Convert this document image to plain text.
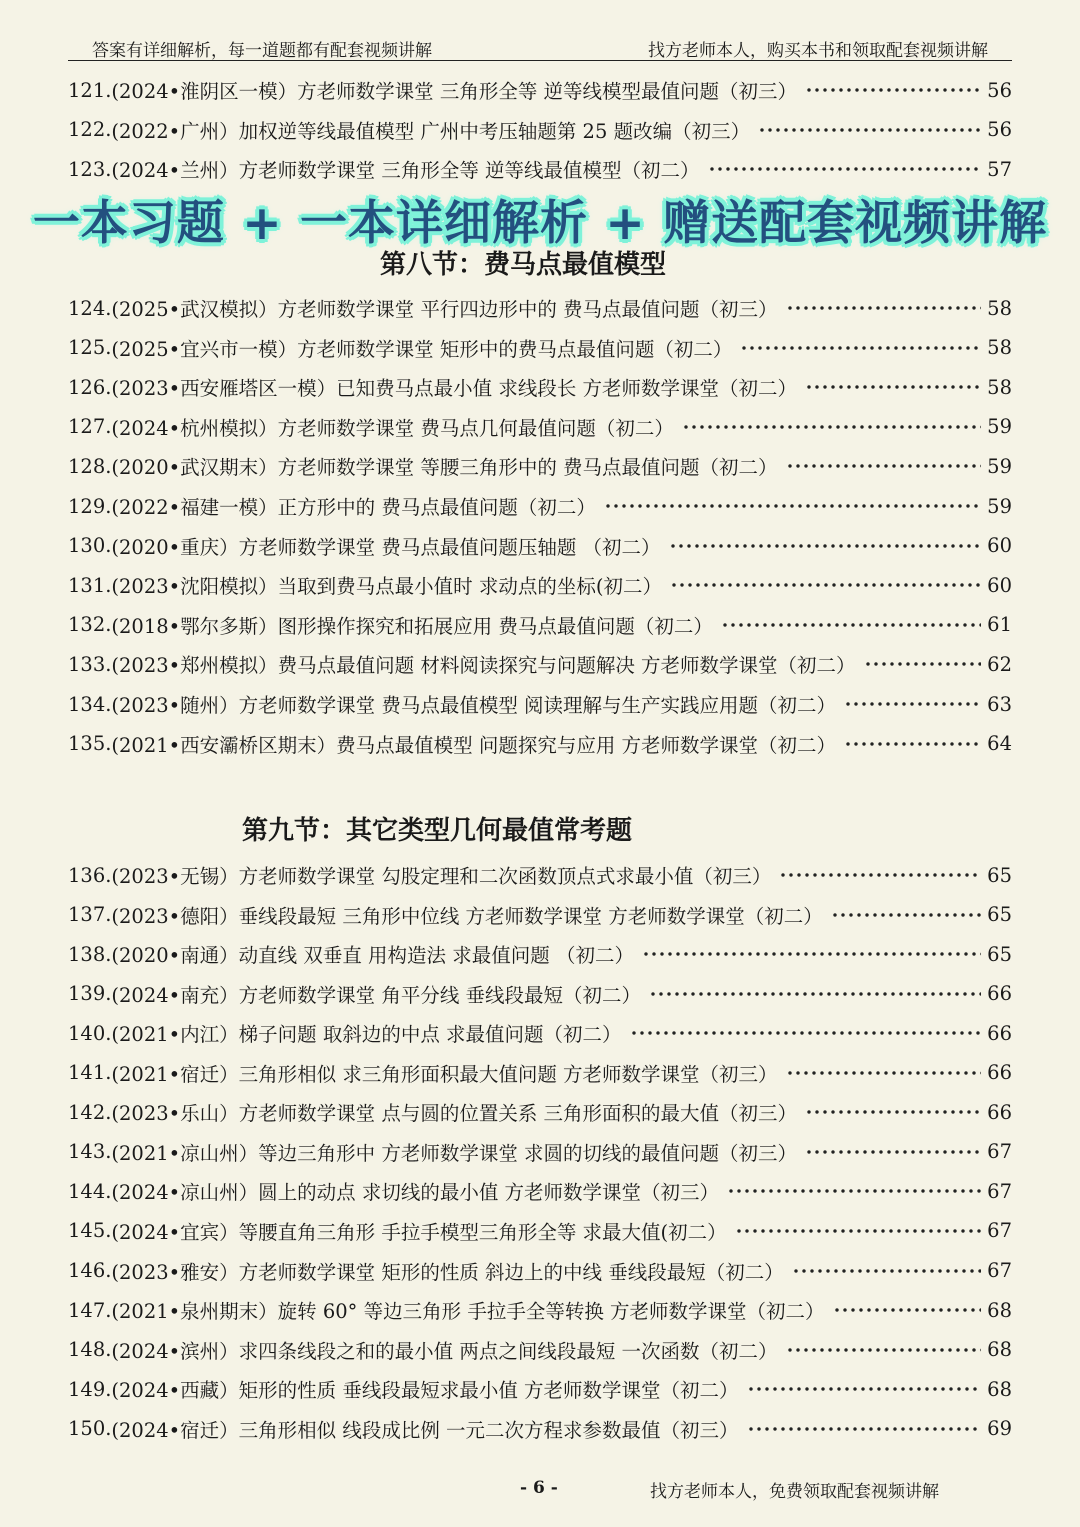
答案有详细解析，每一道题都有配套视频讲解	找方老师本人，购买本书和领取配套视频讲解
121. (2024•淮阴区一模）方老师数学课堂 三角形全等 逆等线模型最值问题（初三）	56
122. (2022•广州）加权逆等线最值模型 广州中考压轴题第 25 题改编（初三）	56
123. (2024•兰州）方老师数学课堂 三角形全等 逆等线最值模型（初二）	57
一本习题 + 一本详细解析 + 赠送配套视频讲解
第八节：费马点最值模型
124. (2025•武汉模拟）方老师数学课堂 平行四边形中的 费马点最值问题（初三）	58
125. (2025•宜兴市一模）方老师数学课堂 矩形中的费马点最值问题（初二）	58
126. (2023•西安雁塔区一模）已知费马点最小值 求线段长 方老师数学课堂（初二）	58
127. (2024•杭州模拟）方老师数学课堂 费马点几何最值问题（初二）	59
128. (2020•武汉期末）方老师数学课堂 等腰三角形中的 费马点最值问题（初二）	59
129. (2022•福建一模）正方形中的 费马点最值问题（初二）	59
130. (2020•重庆）方老师数学课堂 费马点最值问题压轴题 （初二）	60
131. (2023•沈阳模拟）当取到费马点最小值时 求动点的坐标(初二）	60
132. (2018•鄂尔多斯）图形操作探究和拓展应用 费马点最值问题（初二）	61
133. (2023•郑州模拟）费马点最值问题 材料阅读探究与问题解决 方老师数学课堂（初二）	62
134. (2023•随州）方老师数学课堂 费马点最值模型 阅读理解与生产实践应用题（初二）	63
135. (2021•西安灞桥区期末）费马点最值模型 问题探究与应用 方老师数学课堂（初二）	64
第九节：其它类型几何最值常考题
136. (2023•无锡）方老师数学课堂 勾股定理和二次函数顶点式求最小值（初三）	65
137. (2023•德阳）垂线段最短 三角形中位线 方老师数学课堂 方老师数学课堂（初二）	65
138. (2020•南通）动直线 双垂直 用构造法 求最值问题 （初二）	65
139. (2024•南充）方老师数学课堂 角平分线 垂线段最短（初二）	66
140. (2021•内江）梯子问题 取斜边的中点 求最值问题（初二）	66
141. (2021•宿迁）三角形相似 求三角形面积最大值问题 方老师数学课堂（初三）	66
142. (2023•乐山）方老师数学课堂 点与圆的位置关系 三角形面积的最大值（初三）	66
143. (2021•凉山州）等边三角形中 方老师数学课堂 求圆的切线的最值问题（初三）	67
144. (2024•凉山州）圆上的动点 求切线的最小值 方老师数学课堂（初三）	67
145. (2024•宜宾）等腰直角三角形 手拉手模型三角形全等 求最大值(初二）	67
146. (2023•雅安）方老师数学课堂 矩形的性质 斜边上的中线 垂线段最短（初二）	67
147. (2021•泉州期末）旋转 60° 等边三角形 手拉手全等转换 方老师数学课堂（初二）	68
148. (2024•滨州）求四条线段之和的最小值 两点之间线段最短 一次函数（初二）	68
149. (2024•西藏）矩形的性质 垂线段最短求最小值 方老师数学课堂（初二）	68
150. (2024•宿迁）三角形相似 线段成比例 一元二次方程求参数最值（初三）	69
- 6 -	找方老师本人，免费领取配套视频讲解
